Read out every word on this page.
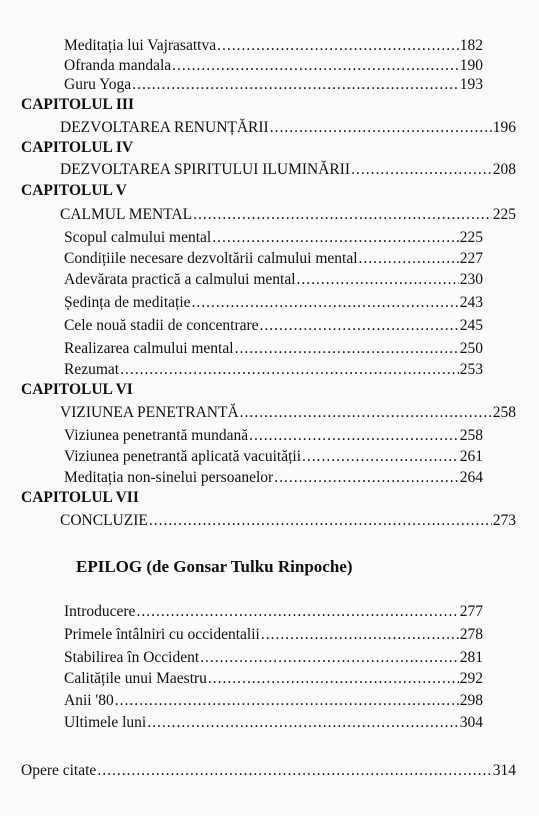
Meditația lui Vajrasattva .....	182
Ofranda mandala .....	190
Guru Yoga .....	193
CAPITOLUL III
DEZVOLTAREA RENUNȚĂRII .....	196
CAPITOLUL IV
DEZVOLTAREA SPIRITULUI ILUMINĂRII .....	208
CAPITOLUL V
CALMUL MENTAL .....	225
Scopul calmului mental .....	225
Condițiile necesare dezvoltării calmului mental .....	227
Adevărata practică a calmului mental .....	230
Ședința de meditație .....	243
Cele nouă stadii de concentrare .....	245
Realizarea calmului mental .....	250
Rezumat .....	253
CAPITOLUL VI
VIZIUNEA PENETRANTĂ .....	258
Viziunea penetrantă mundană .....	258
Viziunea penetrantă aplicată vacuității .....	261
Meditația non-sinelui persoanelor .....	264
CAPITOLUL VII
CONCLUZIE .....	273
EPILOG (de Gonsar Tulku Rinpoche)
Introducere .....	277
Primele întâlniri cu occidentalii .....	278
Stabilirea în Occident .....	281
Calitățile unui Maestru .....	292
Anii '80 .....	298
Ultimele luni .....	304
Opere citate .....	314
